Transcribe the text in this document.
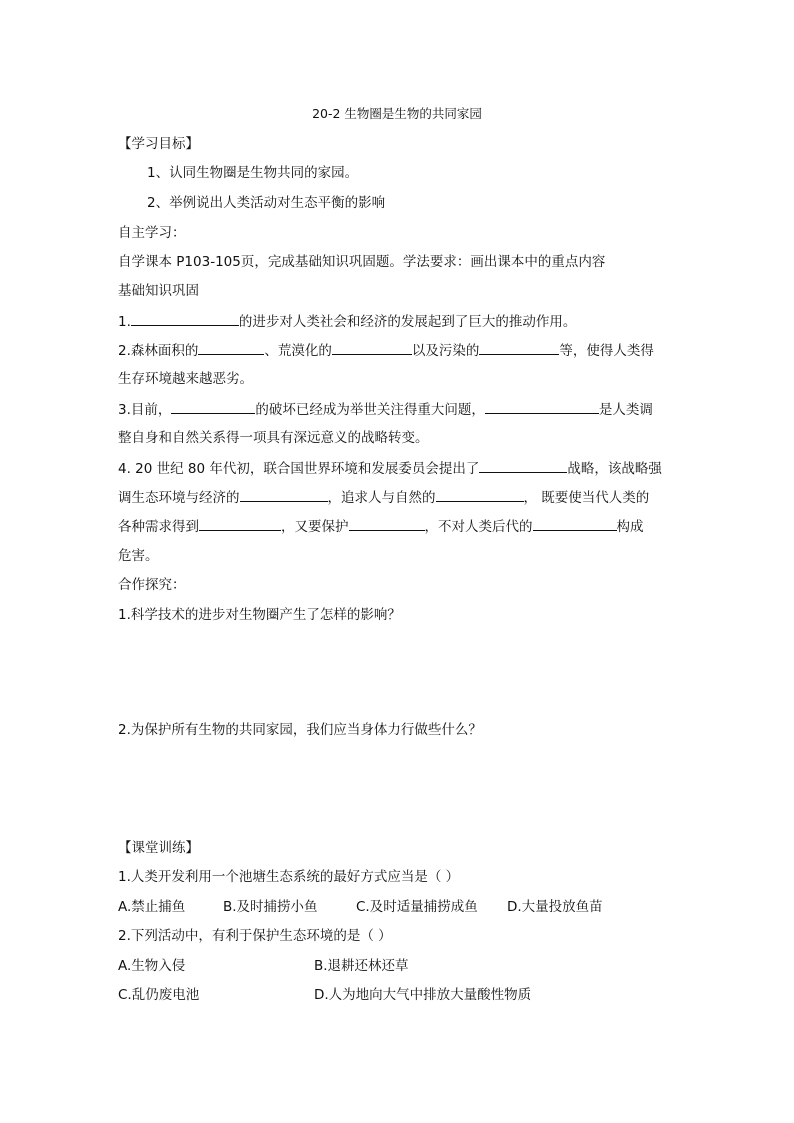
20-2 生物圈是生物的共同家园
【学习目标】
1、认同生物圈是生物共同的家园。
2、举例说出人类活动对生态平衡的影响
自主学习：
自学课本 P103-105页，完成基础知识巩固题。学法要求：画出课本中的重点内容
基础知识巩固
1.	的进步对人类社会和经济的发展起到了巨大的推动作用。
2.森林面积的	、荒漠化的	以及污染的	等，使得人类得
生存环境越来越恶劣。
3.目前，	的破坏已经成为举世关注得重大问题，	是人类调
整自身和自然关系得一项具有深远意义的战略转变。
4. 20 世纪 80 年代初，联合国世界环境和发展委员会提出了	战略，该战略强
调生态环境与经济的	，追求人与自然的	， 既要使当代人类的
各种需求得到	，又要保护	，不对人类后代的	构成
危害。
合作探究：
1.科学技术的进步对生物圈产生了怎样的影响？
2.为保护所有生物的共同家园，我们应当身体力行做些什么？
【课堂训练】
1.人类开发利用一个池塘生态系统的最好方式应当是（ ）
A.禁止捕鱼	B.及时捕捞小鱼	C.及时适量捕捞成鱼 D.大量投放鱼苗
2.下列活动中，有利于保护生态环境的是（ ）
A.生物入侵	B.退耕还林还草
C.乱仍废电池	D.人为地向大气中排放大量酸性物质
